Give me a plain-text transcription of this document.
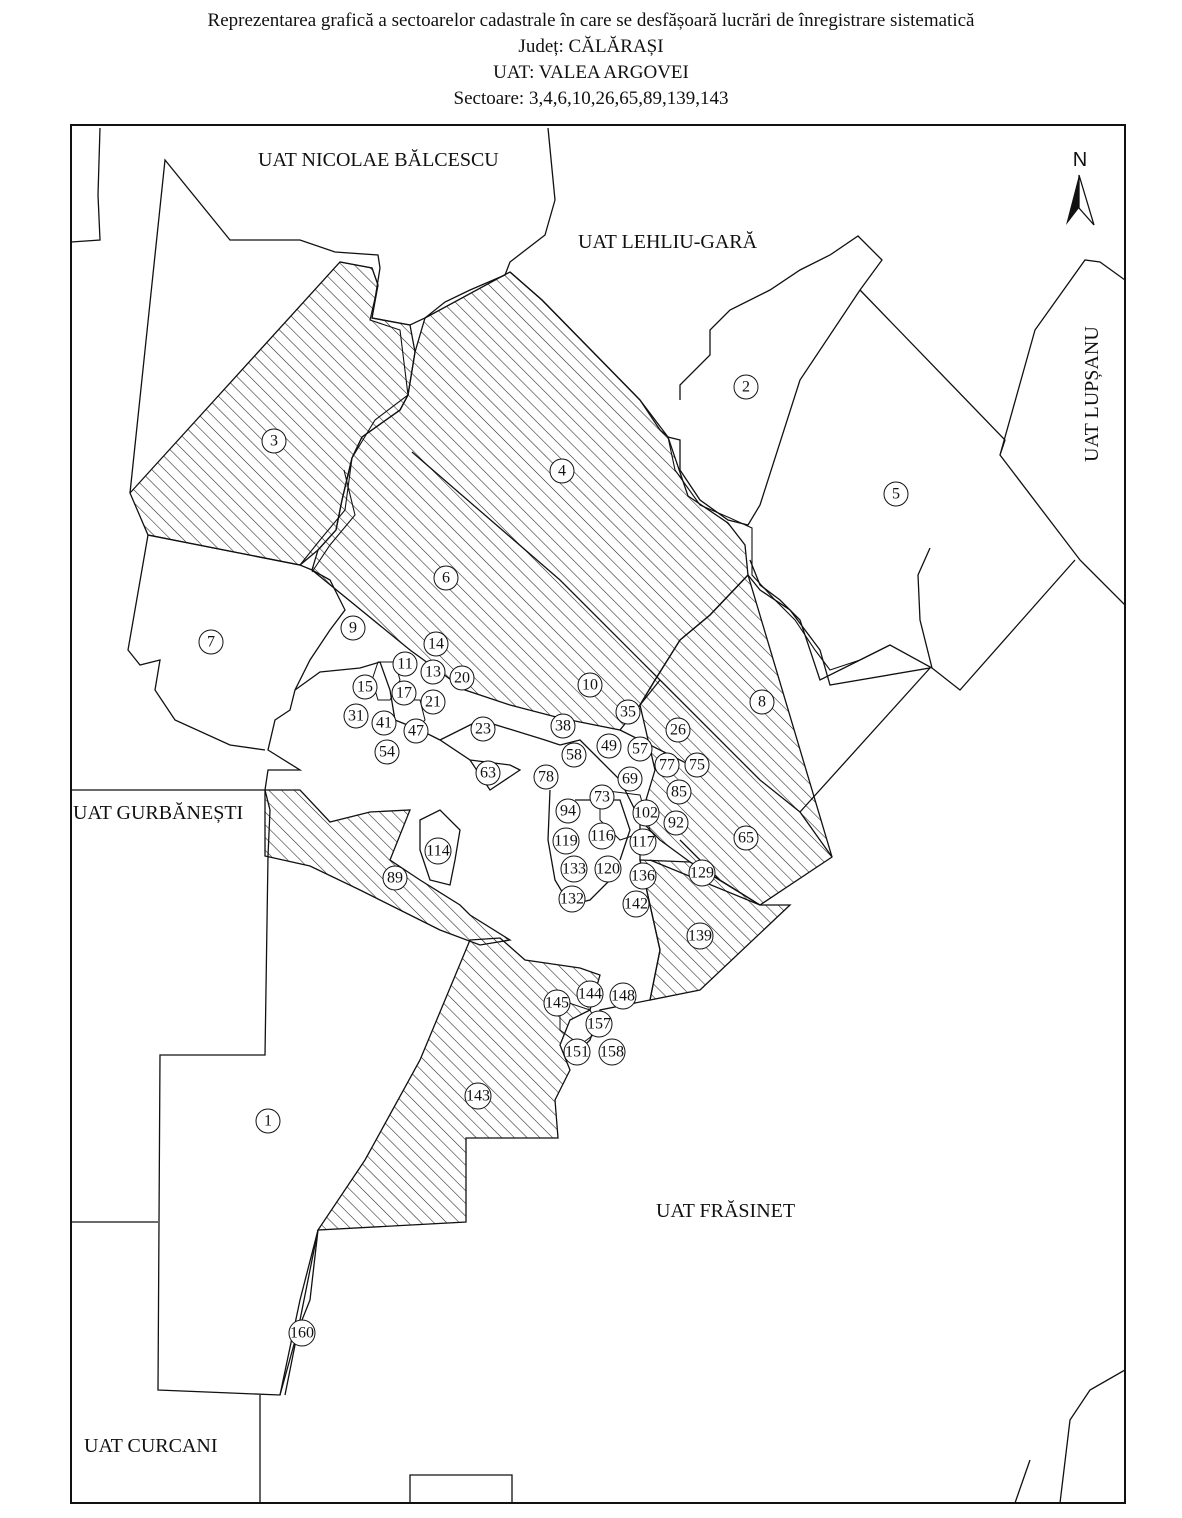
Reprezentarea grafică a sectoarelor cadastrale în care se desfășoară lucrări de înregistrare sistematică

Județ: CĂLĂRAȘI

UAT: VALEA ARGOVEI

Sectoare: 3,4,6,10,26,65,89,139,143

N
UAT NICOLAE BĂLCESCU
UAT LEHLIU-GARĂ
UAT LUPȘANU
UAT GURBĂNEȘTI
UAT FRĂSINET
UAT CURCANI
1
2
3
4
5
6
7
8
9
10
11 13
14
15 17
20
21
23	26
31	35
38
41 47
49
54	57
58
63
65
69
73
75
77
78
85
89
92
94	102
114
116 117
119
120	129
132
133	136
139
142
143
144
145	148
151
157
158
160
